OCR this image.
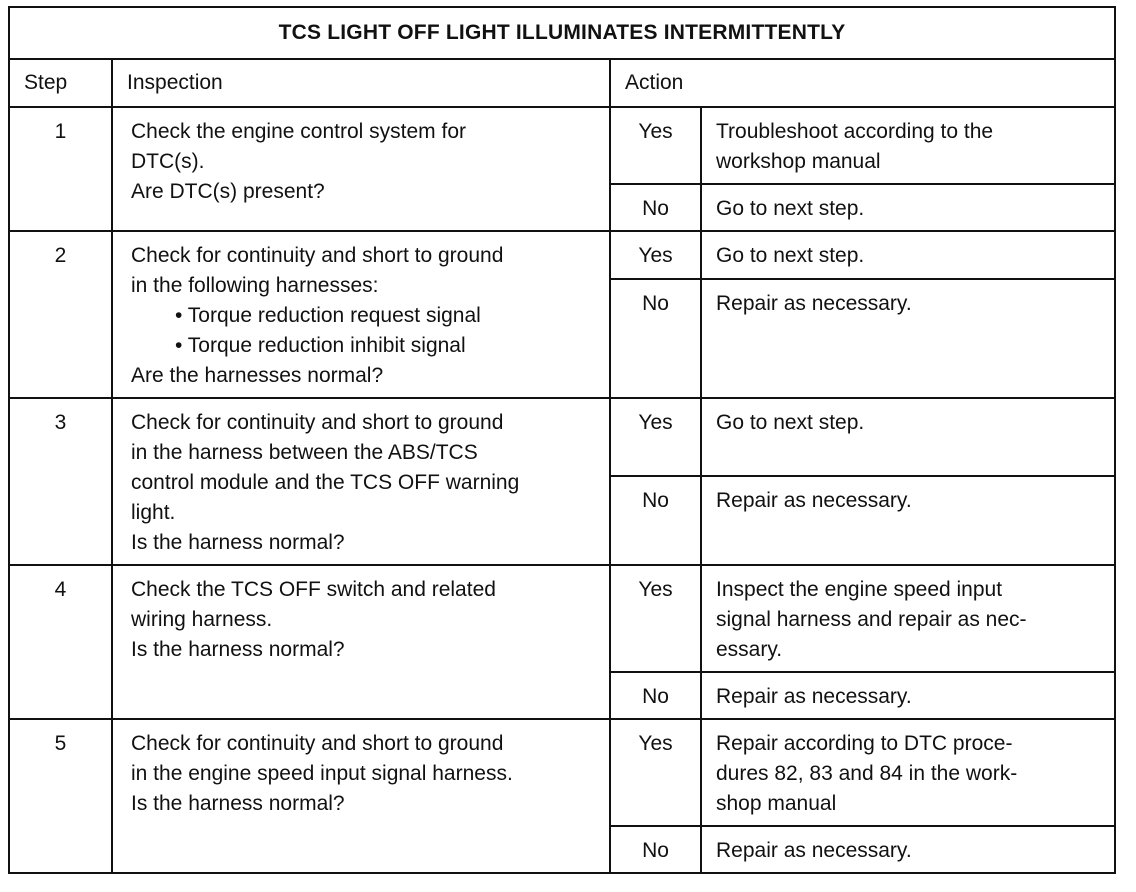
TCS LIGHT OFF LIGHT ILLUMINATES INTERMITTENTLY			
Step	Inspection	Action	
1	Check the engine control system for
DTC(s).
Are DTC(s) present?	Yes	Troubleshoot according to the
workshop manual

		No	Go to next step.

2	Check for continuity and short to ground
in the following harnesses:
• Torque reduction request signal
• Torque reduction inhibit signal
Are the harnesses normal?	Yes	Go to next step.

		No	Repair as necessary.

3	Check for continuity and short to ground
in the harness between the ABS/TCS
control module and the TCS OFF warning
light.
Is the harness normal?	Yes	Go to next step.

		No	Repair as necessary.

4	Check the TCS OFF switch and related
wiring harness.
Is the harness normal?	Yes	Inspect the engine speed input
signal harness and repair as nec-
essary.

		No	Repair as necessary.

5	Check for continuity and short to ground
in the engine speed input signal harness.
Is the harness normal?	Yes	Repair according to DTC proce-
dures 82, 83 and 84 in the work-
shop manual

		No	Repair as necessary.
